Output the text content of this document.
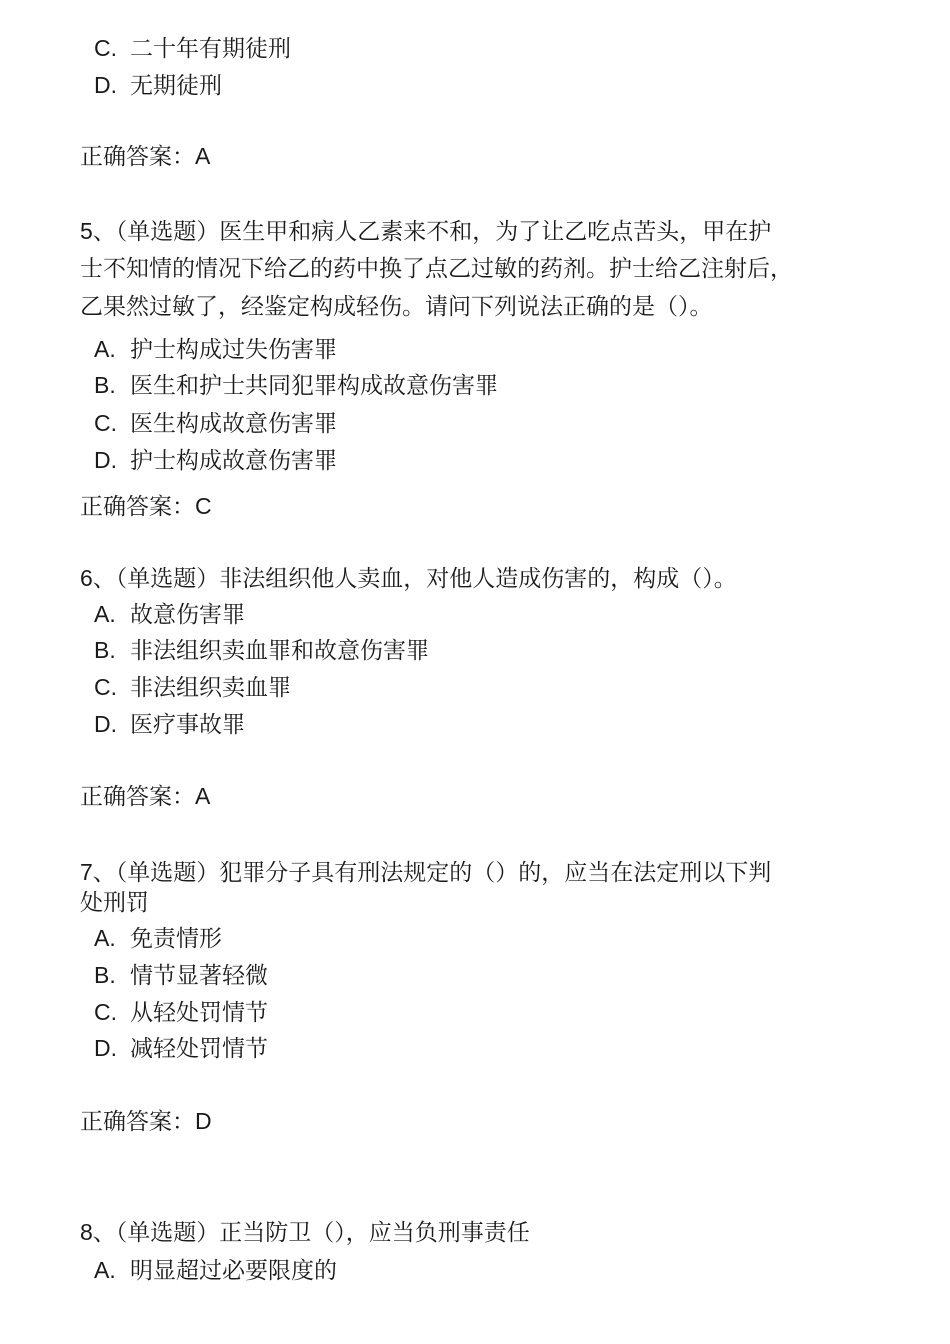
C. 二十年有期徒刑
D. 无期徒刑
正确答案：A
5、（单选题）医生甲和病人乙素来不和，为了让乙吃点苦头，甲在护
士不知情的情况下给乙的药中换了点乙过敏的药剂。护士给乙注射后，
乙果然过敏了，经鉴定构成轻伤。请问下列说法正确的是（）。
A. 护士构成过失伤害罪
B. 医生和护士共同犯罪构成故意伤害罪
C. 医生构成故意伤害罪
D. 护士构成故意伤害罪
正确答案：C
6、（单选题）非法组织他人卖血，对他人造成伤害的，构成（）。
A. 故意伤害罪
B. 非法组织卖血罪和故意伤害罪
C. 非法组织卖血罪
D. 医疗事故罪
正确答案：A
7、（单选题）犯罪分子具有刑法规定的（）的，应当在法定刑以下判
处刑罚
A. 免责情形
B. 情节显著轻微
C. 从轻处罚情节
D. 减轻处罚情节
正确答案：D
8、（单选题）正当防卫（），应当负刑事责任
A. 明显超过必要限度的
